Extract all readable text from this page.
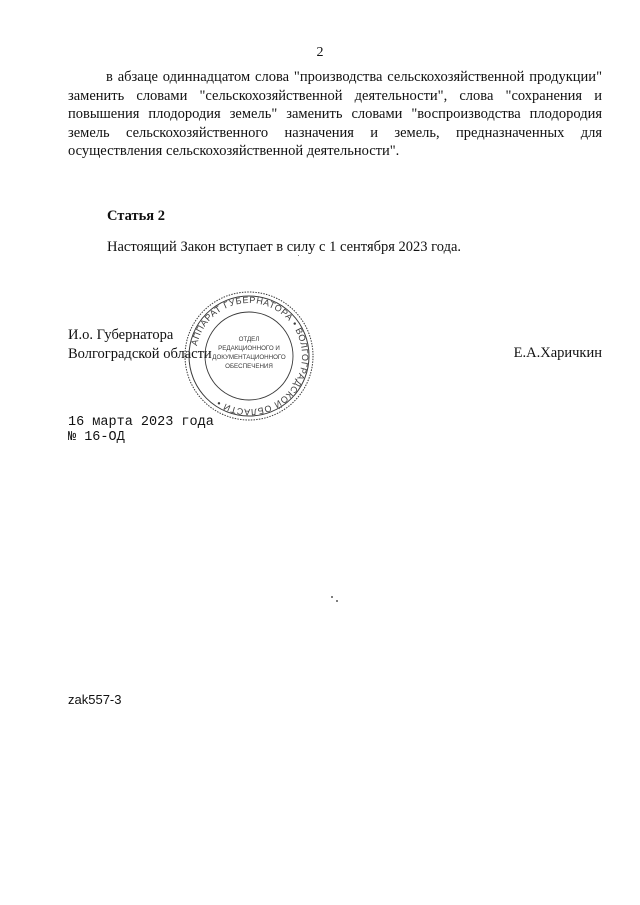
2

в абзаце одиннадцатом слова "производства сельскохозяйственной продукции" заменить словами "сельскохозяйственной деятельности", слова "сохранения и повышения плодородия земель" заменить словами "воспроизводства плодородия земель сельскохозяйственного назначения и земель, предназначенных для осуществления сельскохозяйственной деятельности".

Статья 2
Настоящий Закон вступает в силу с 1 сентября 2023 года.
И.о. Губернатора
Волгоградской области	Е.А.Харичкин
АППАРАТ ГУБЕРНАТОРА • ВОЛГОГРАДСКОЙ ОБЛАСТИ •
ОТДЕЛ
РЕДАКЦИОННОГО И
ДОКУМЕНТАЦИОННОГО
ОБЕСПЕЧЕНИЯ
16 марта 2023 года
№ 16-ОД
zak557-3
